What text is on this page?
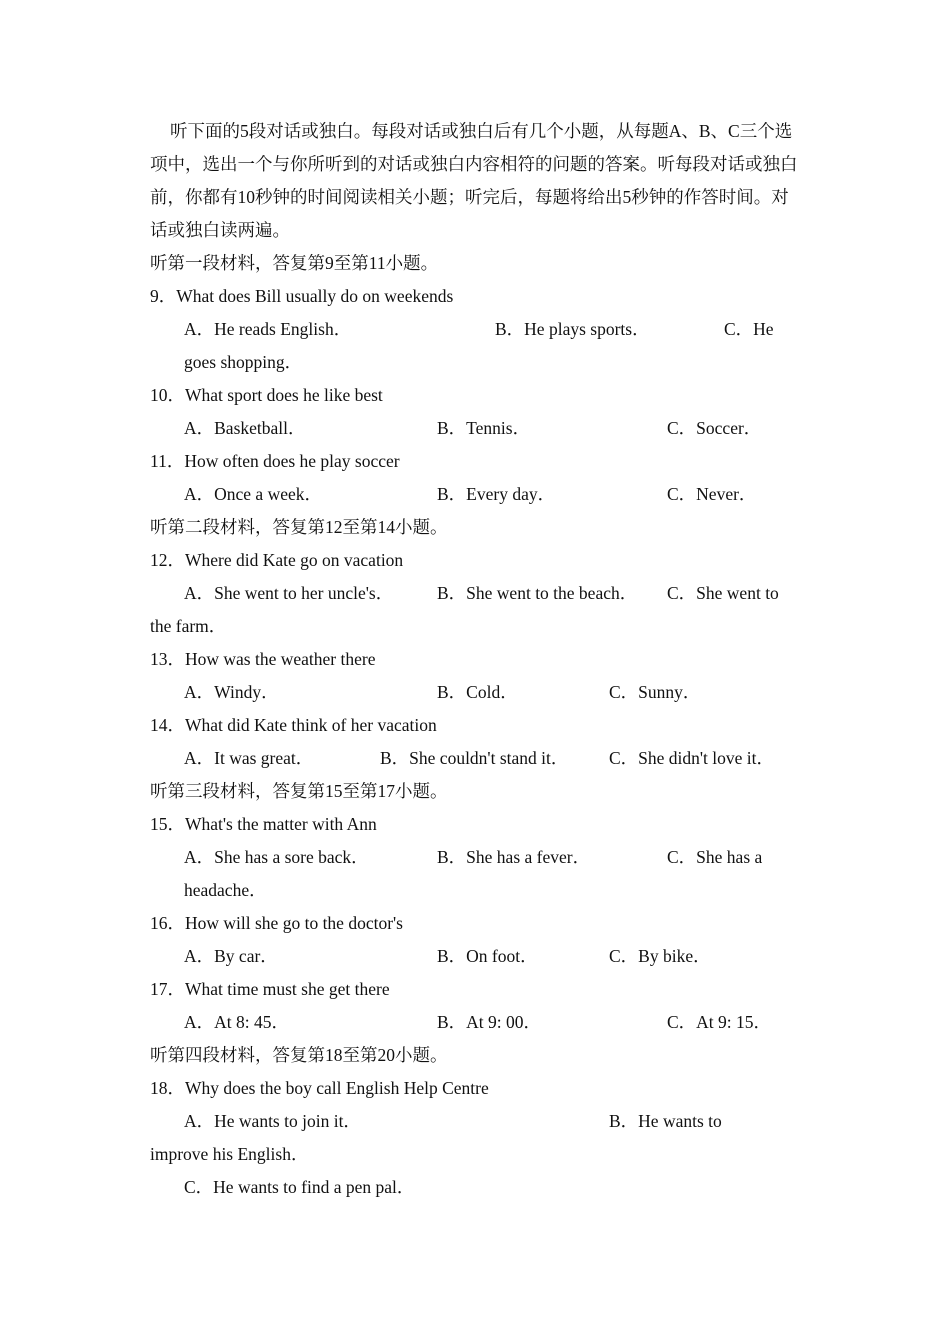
听下面的5段对话或独白。每段对话或独白后有几个小题，从每题A、B、C三个选项中，选出一个与你所听到的对话或独白内容相符的问题的答案。听每段对话或独白前，你都有10秒钟的时间阅读相关小题；听完后，每题将给出5秒钟的作答时间。对话或独白读两遍。

听第一段材料，答复第9至第11小题。
9．What does Bill usually do on weekends
A．He reads English．	B．He plays sports．	C．He
goes shopping．
10．What sport does he like best
A．Basketball．	B．Tennis．	C．Soccer．
11．How often does he play soccer
A．Once a week．	B．Every day．	C．Never．
听第二段材料，答复第12至第14小题。
12．Where did Kate go on vacation
A．She went to her uncle's．	B．She went to the beach． C．She went to
the farm．
13．How was the weather there
A．Windy．	B．Cold．	C．Sunny．
14．What did Kate think of her vacation
A．It was great．	B．She couldn't stand it． C．She didn't love it．
听第三段材料，答复第15至第17小题。
15．What's the matter with Ann
A．She has a sore back．	B．She has a fever．	C．She has a
headache．
16．How will she go to the doctor's
A．By car．	B．On foot．	C．By bike．
17．What time must she get there
A．At 8: 45．	B．At 9: 00．	C．At 9: 15．
听第四段材料，答复第18至第20小题。
18．Why does the boy call English Help Centre
A．He wants to join it．	B．He wants to
improve his English．
C．He wants to find a pen pal．
